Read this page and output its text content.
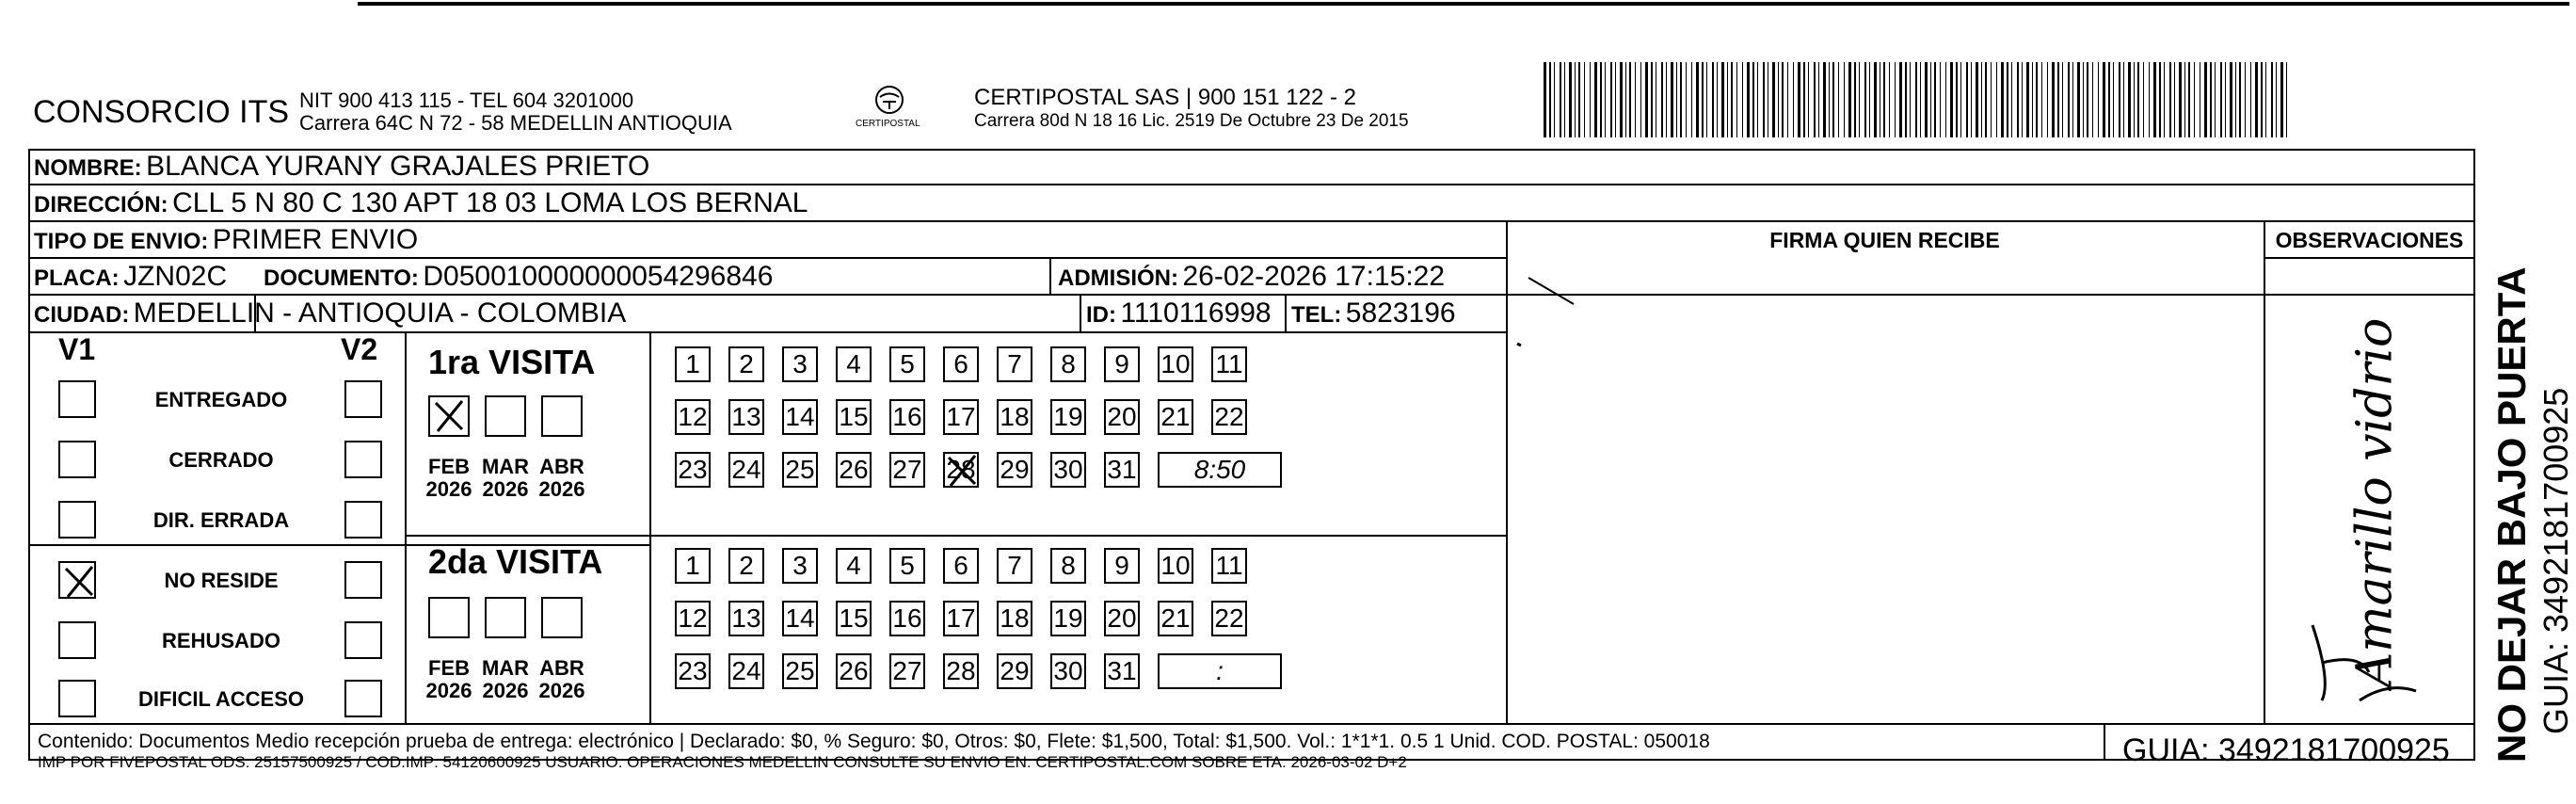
CONSORCIO ITS NIT 900 413 115 - TEL 604 3201000
Carrera 64C N 72 - 58 MEDELLIN ANTIOQUIA	CERTIPOSTAL
CERTIPOSTAL SAS | 900 151 122 - 2
Carrera 80d N 18 16 Lic. 2519 De Octubre 23 De 2015
NOMBRE: BLANCA YURANY GRAJALES PRIETO
DIRECCIÓN: CLL 5 N 80 C 130 APT 18 03 LOMA LOS BERNAL
TIPO DE ENVIO: PRIMER ENVIO
PLACA: JZN02C DOCUMENTO: D050010000000054296846	ADMISIÓN: 26-02-2026 17:15:22
CIUDAD: MEDELLIN - ANTIOQUIA - COLOMBIA	ID: 1110116998 TEL: 5823196
FIRMA QUIEN RECIBE	OBSERVACIONES
Amarillo vidrio NO DEJAR BAJO PUERTA GUIA: 3492181700925
V1	V2
ENTREGADO
CERRADO
DIR. ERRADA
NO RESIDE
REHUSADO
DIFICIL ACCESO
1ra VISITA
2da VISITA
FEB
2026
MAR
2026
ABR
2026
FEB
2026
MAR
2026
ABR
2026
1	2	3	4	5	6	7	8	9	10 11
12 13 14 15 16 17 18 19 20 21 22
23 24 25 26 27 28 29 30 31	8:50
1	2	3	4	5	6	7	8	9	10 11
12 13 14 15 16 17 18 19 20 21 22
23 24 25 26 27 28 29 30 31	:
Contenido: Documentos Medio recepción prueba de entrega: electrónico | Declarado: $0, % Seguro: $0, Otros: $0, Flete: $1,500, Total: $1,500. Vol.: 1*1*1. 0.5 1 Unid. COD. POSTAL: 050018
IMP POR FIVEPOSTAL ODS: 25157500925 / COD.IMP: 54120600925 USUARIO: OPERACIONES MEDELLIN CONSULTE SU ENVIO EN: CERTIPOSTAL.COM SOBRE ETA: 2026-03-02 D+2	GUIA: 3492181700925
